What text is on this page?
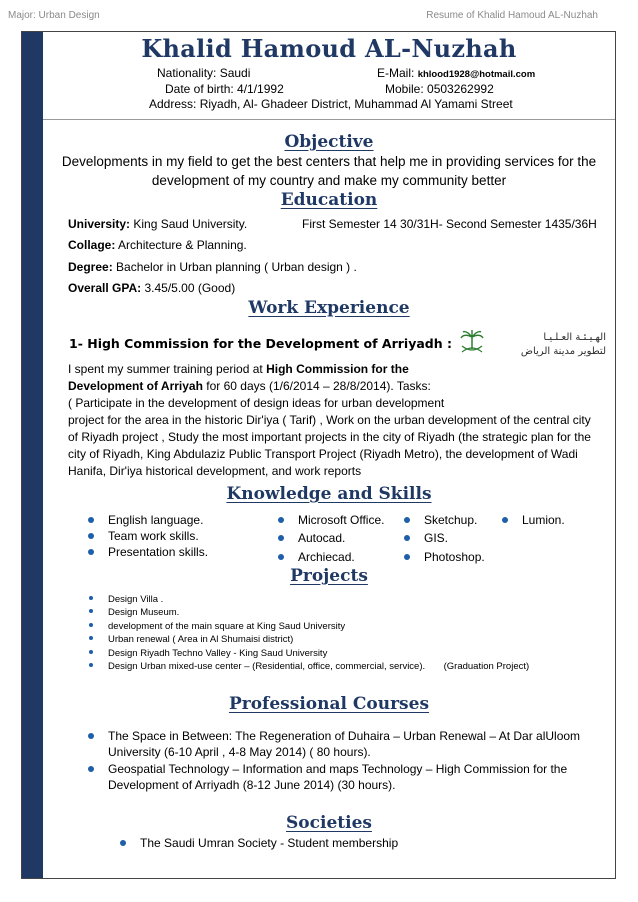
Major: Urban Design	Resume of Khalid Hamoud AL-Nuzhah
Khalid Hamoud AL-Nuzhah
Nationality: Saudi	E-Mail: khlood1928@hotmail.com
Date of birth: 4/1/1992	Mobile: 0503262992
Address: Riyadh, Al- Ghadeer District, Muhammad Al Yamami Street
Objective
Developments in my field to get the best centers that help me in providing services for the
development of my country and make my community better
Education
University: King Saud University.	First Semester 14 30/31H- Second Semester 1435/36H
Collage: Architecture & Planning.
Degree: Bachelor in Urban planning ( Urban design ) .
Overall GPA: 3.45/5.00 (Good)
Work Experience
1- High Commission for the Development of Arriyadh :	الهـيـئـة العـلـيـا
لتطوير مدينة الرياض
I spent my summer training period at High Commission for the
Development of Arriyah for 60 days (1/6/2014 – 28/8/2014). Tasks:
( Participate in the development of design ideas for urban development
project for the area in the historic Dir'iya ( Tarif) , Work on the urban development of the central city
of Riyadh project , Study the most important projects in the city of Riyadh (the strategic plan for the
city of Riyadh, King Abdulaziz Public Transport Project (Riyadh Metro), the development of Wadi
Hanifa, Dir'iya historical development, and work reports
Knowledge and Skills
English language.
Team work skills.
Presentation skills.
Microsoft Office.
Autocad.
Archiecad.
Sketchup.
GIS.
Photoshop.
Lumion.
Projects
Design Villa .
Design Museum.
development of the main square at King Saud University
Urban renewal ( Area in Al Shumaisi district)
Design Riyadh Techno Valley - King Saud University
Design Urban mixed-use center – (Residential, office, commercial, service).       (Graduation Project)
Professional Courses
The Space in Between: The Regeneration of Duhaira – Urban Renewal – At Dar alUloom
University (6-10 April , 4-8 May 2014) ( 80 hours).
Geospatial Technology – Information and maps Technology – High Commission for the
Development of Arriyadh (8-12 June 2014) (30 hours).
Societies
The Saudi Umran Society - Student membership
